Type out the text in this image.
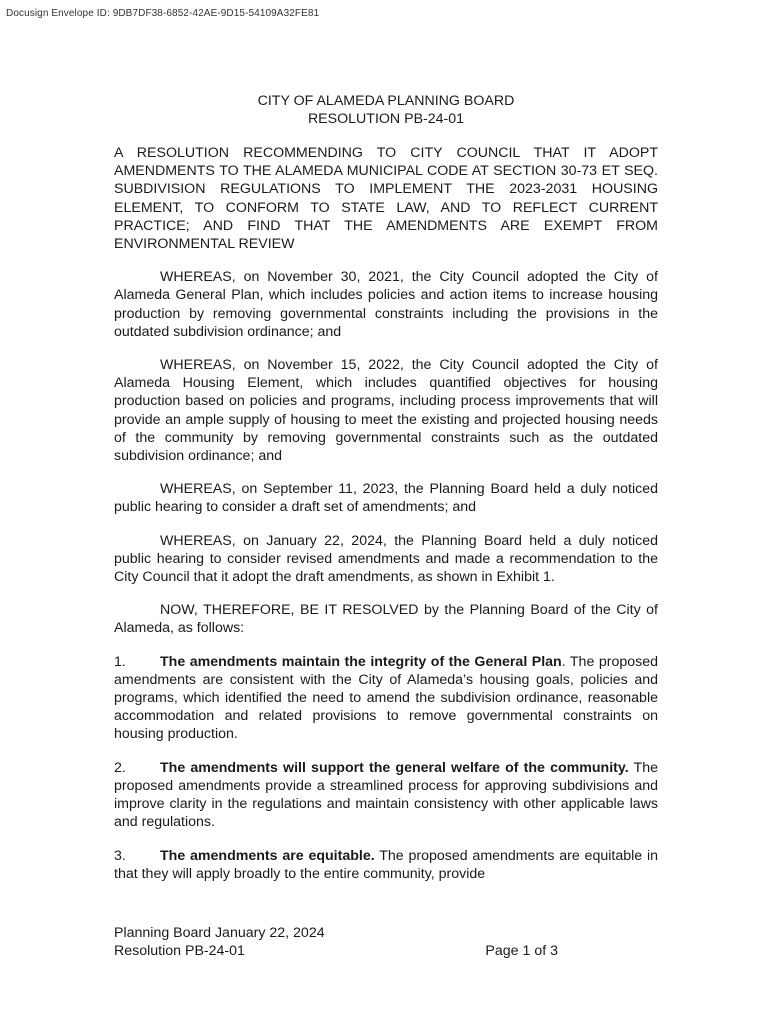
Docusign Envelope ID: 9DB7DF38-6852-42AE-9D15-54109A32FE81
CITY OF ALAMEDA PLANNING BOARD
RESOLUTION PB-24-01

A RESOLUTION RECOMMENDING TO CITY COUNCIL THAT IT ADOPT AMENDMENTS TO THE ALAMEDA MUNICIPAL CODE AT SECTION 30-73 ET SEQ. SUBDIVISION REGULATIONS TO IMPLEMENT THE 2023-2031 HOUSING ELEMENT, TO CONFORM TO STATE LAW, AND TO REFLECT CURRENT PRACTICE; AND FIND THAT THE AMENDMENTS ARE EXEMPT FROM ENVIRONMENTAL REVIEW

WHEREAS, on November 30, 2021, the City Council adopted the City of Alameda General Plan, which includes policies and action items to increase housing production by removing governmental constraints including the provisions in the outdated subdivision ordinance; and

WHEREAS, on November 15, 2022, the City Council adopted the City of Alameda Housing Element, which includes quantified objectives for housing production based on policies and programs, including process improvements that will provide an ample supply of housing to meet the existing and projected housing needs of the community by removing governmental constraints such as the outdated subdivision ordinance; and

WHEREAS, on September 11, 2023, the Planning Board held a duly noticed public hearing to consider a draft set of amendments; and

WHEREAS, on January 22, 2024, the Planning Board held a duly noticed public hearing to consider revised amendments and made a recommendation to the City Council that it adopt the draft amendments, as shown in Exhibit 1.

NOW, THEREFORE, BE IT RESOLVED by the Planning Board of the City of Alameda, as follows:

1. The amendments maintain the integrity of the General Plan. The proposed amendments are consistent with the City of Alameda’s housing goals, policies and programs, which identified the need to amend the subdivision ordinance, reasonable accommodation and related provisions to remove governmental constraints on housing production.

2. The amendments will support the general welfare of the community. The proposed amendments provide a streamlined process for approving subdivisions and improve clarity in the regulations and maintain consistency with other applicable laws and regulations.

3. The amendments are equitable. The proposed amendments are equitable in that they will apply broadly to the entire community, provide

Planning Board January 22, 2024
Resolution PB-24-01	Page 1 of 3
